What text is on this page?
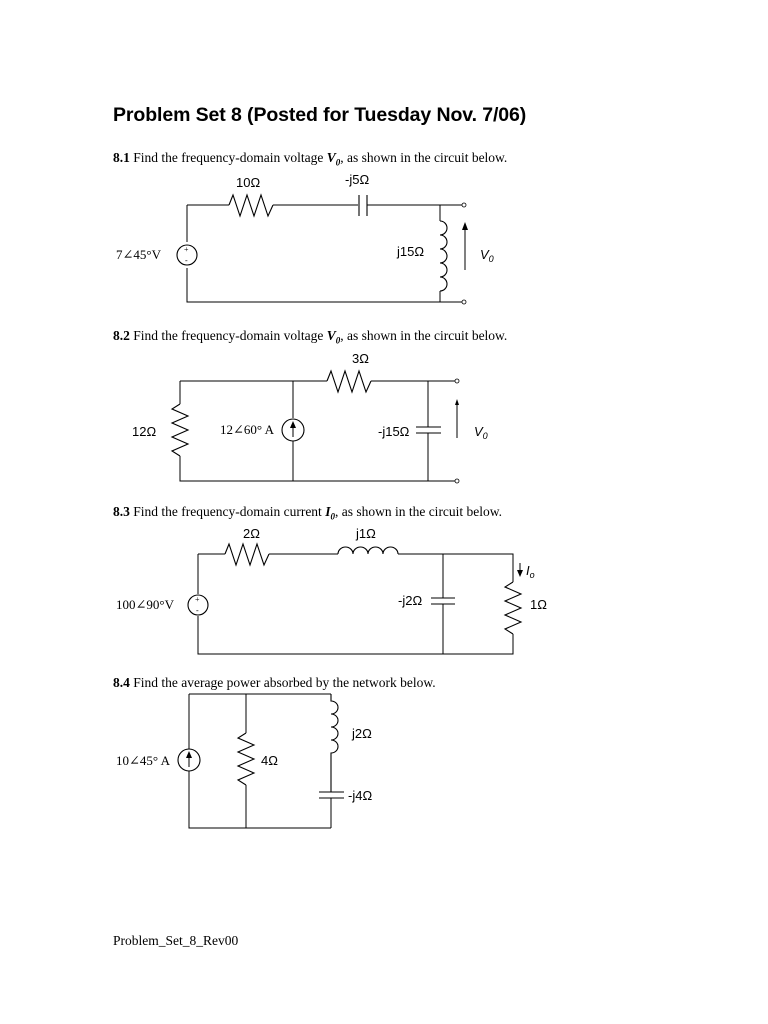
Problem Set 8 (Posted for Tuesday Nov. 7/06)
8.1 Find the frequency-domain voltage $V_0$, as shown in the circuit below.
+
-
10Ω	-j5Ω
7∠45°V	j15Ω	$V_0$
8.2 Find the frequency-domain voltage $V_0$, as shown in the circuit below.
3Ω
12Ω	12∠60° A	-j15Ω	$V_0$
8.3 Find the frequency-domain current $I_0$, as shown in the circuit below.
+
-
2Ω	j1Ω
100∠90°V	-j2Ω
$I_o$
1Ω
8.4 Find the average power absorbed by the network below.
10∠45° A	4Ω
j2Ω
-j4Ω
Problem_Set_8_Rev00
